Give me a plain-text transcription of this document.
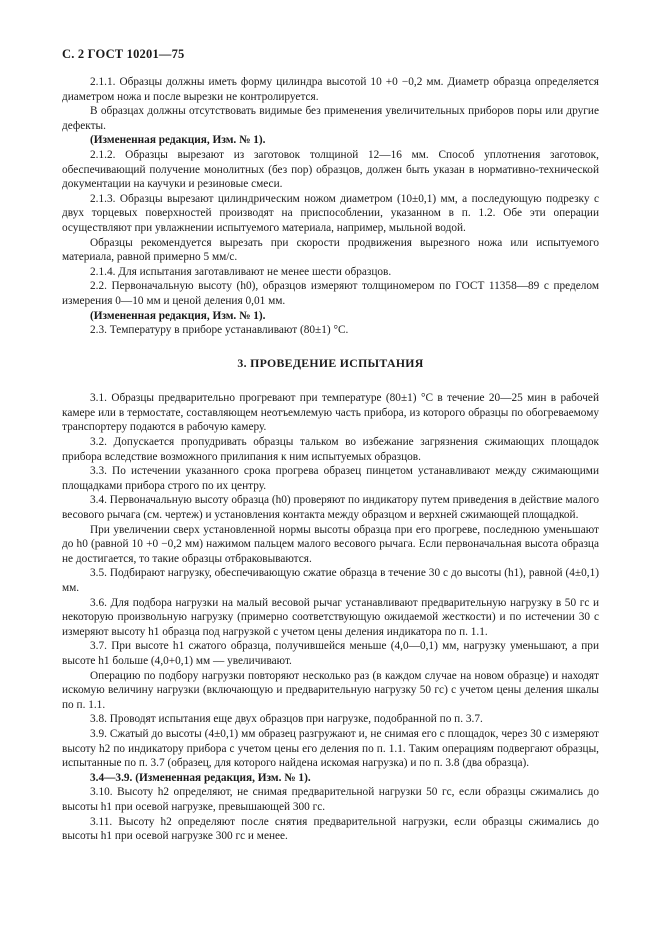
С. 2 ГОСТ 10201—75

2.1.1. Образцы должны иметь форму цилиндра высотой 10 +0 −0,2 мм. Диаметр образца определяется диаметром ножа и после вырезки не контролируется.

В образцах должны отсутствовать видимые без применения увеличительных приборов поры или другие дефекты.

(Измененная редакция, Изм. № 1).

2.1.2. Образцы вырезают из заготовок толщиной 12—16 мм. Способ уплотнения заготовок, обеспечивающий получение монолитных (без пор) образцов, должен быть указан в нормативно-технической документации на каучуки и резиновые смеси.

2.1.3. Образцы вырезают цилиндрическим ножом диаметром (10±0,1) мм, а последующую подрезку с двух торцевых поверхностей производят на приспособлении, указанном в п. 1.2. Обе эти операции осуществляют при увлажнении испытуемого материала, например, мыльной водой.

Образцы рекомендуется вырезать при скорости продвижения вырезного ножа или испытуемого материала, равной примерно 5 мм/с.

2.1.4. Для испытания заготавливают не менее шести образцов.

2.2. Первоначальную высоту (h0), образцов измеряют толщиномером по ГОСТ 11358—89 с пределом измерения 0—10 мм и ценой деления 0,01 мм.

(Измененная редакция, Изм. № 1).

2.3. Температуру в приборе устанавливают (80±1) °С.

3. ПРОВЕДЕНИЕ ИСПЫТАНИЯ

3.1. Образцы предварительно прогревают при температуре (80±1) °С в течение 20—25 мин в рабочей камере или в термостате, составляющем неотъемлемую часть прибора, из которого образцы по обогреваемому транспортеру подаются в рабочую камеру.

3.2. Допускается пропудривать образцы тальком во избежание загрязнения сжимающих площадок прибора вследствие возможного прилипания к ним испытуемых образцов.

3.3. По истечении указанного срока прогрева образец пинцетом устанавливают между сжимающими площадками прибора строго по их центру.

3.4. Первоначальную высоту образца (h0) проверяют по индикатору путем приведения в действие малого весового рычага (см. чертеж) и установления контакта между образцом и верхней сжимающей площадкой.

При увеличении сверх установленной нормы высоты образца при его прогреве, последнюю уменьшают до h0 (равной 10 +0 −0,2 мм) нажимом пальцем малого весового рычага. Если первоначальная высота образца не достигается, то такие образцы отбраковываются.

3.5. Подбирают нагрузку, обеспечивающую сжатие образца в течение 30 с до высоты (h1), равной (4±0,1) мм.

3.6. Для подбора нагрузки на малый весовой рычаг устанавливают предварительную нагрузку в 50 гс и некоторую произвольную нагрузку (примерно соответствующую ожидаемой жесткости) и по истечении 30 с измеряют высоту h1 образца под нагрузкой с учетом цены деления индикатора по п. 1.1.

3.7. При высоте h1 сжатого образца, получившейся меньше (4,0—0,1) мм, нагрузку уменьшают, а при высоте h1 больше (4,0+0,1) мм — увеличивают.

Операцию по подбору нагрузки повторяют несколько раз (в каждом случае на новом образце) и находят искомую величину нагрузки (включающую и предварительную нагрузку 50 гс) с учетом цены деления шкалы по п. 1.1.

3.8. Проводят испытания еще двух образцов при нагрузке, подобранной по п. 3.7.

3.9. Сжатый до высоты (4±0,1) мм образец разгружают и, не снимая его с площадок, через 30 с измеряют высоту h2 по индикатору прибора с учетом цены его деления по п. 1.1. Таким операциям подвергают образцы, испытанные по п. 3.7 (образец, для которого найдена искомая нагрузка) и по п. 3.8 (два образца).

3.4—3.9. (Измененная редакция, Изм. № 1).

3.10. Высоту h2 определяют, не снимая предварительной нагрузки 50 гс, если образцы сжимались до высоты h1 при осевой нагрузке, превышающей 300 гс.

3.11. Высоту h2 определяют после снятия предварительной нагрузки, если образцы сжимались до высоты h1 при осевой нагрузке 300 гс и менее.
